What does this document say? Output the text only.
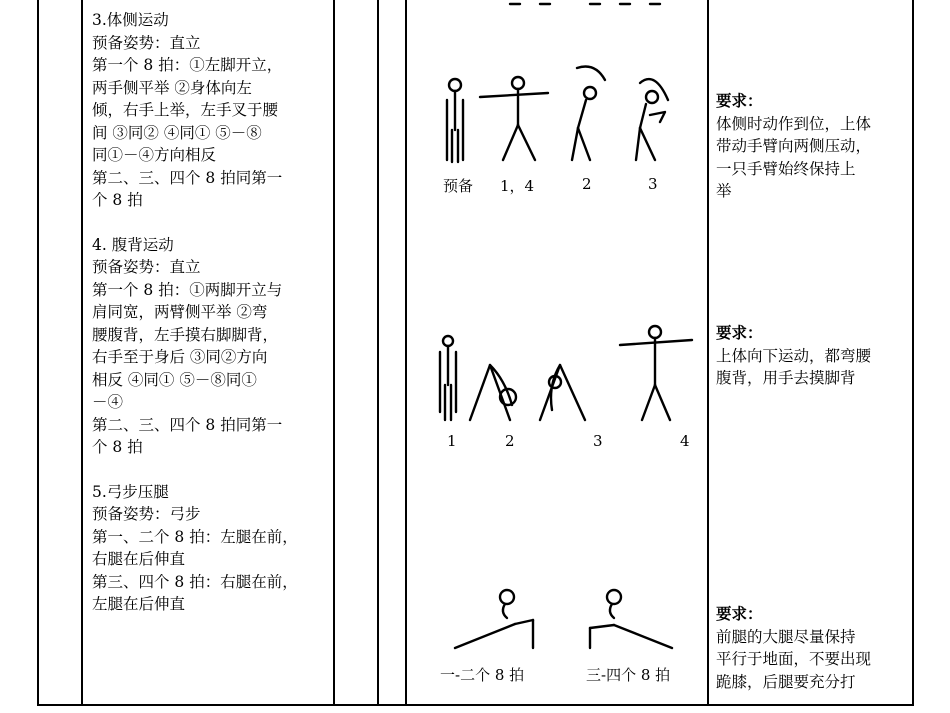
3.体侧运动

预备姿势：直立

第一个 8 拍：①左脚开立，

两手侧平举 ②身体向左

倾，右手上举，左手叉于腰

间 ③同② ④同① ⑤－⑧

同①－④方向相反

第二、三、四个 8 拍同第一

个 8 拍

4. 腹背运动

预备姿势：直立

第一个 8 拍：①两脚开立与

肩同宽，两臂侧平举 ②弯

腰腹背，左手摸右脚脚背，

右手至于身后 ③同②方向

相反 ④同① ⑤－⑧同①

－④

第二、三、四个 8 拍同第一

个 8 拍

5.弓步压腿

预备姿势：弓步

第一、二个 8 拍：左腿在前，

右腿在后伸直

第三、四个 8 拍：右腿在前，

左腿在后伸直

预备 1，4	2	3
1	2	3	4
一-二个 8 拍	三-四个 8 拍

要求：

体侧时动作到位，上体

带动手臂向两侧压动，

一只手臂始终保持上

举

要求：

上体向下运动，都弯腰

腹背，用手去摸脚背

要求：

前腿的大腿尽量保持

平行于地面，不要出现

跪膝，后腿要充分打
